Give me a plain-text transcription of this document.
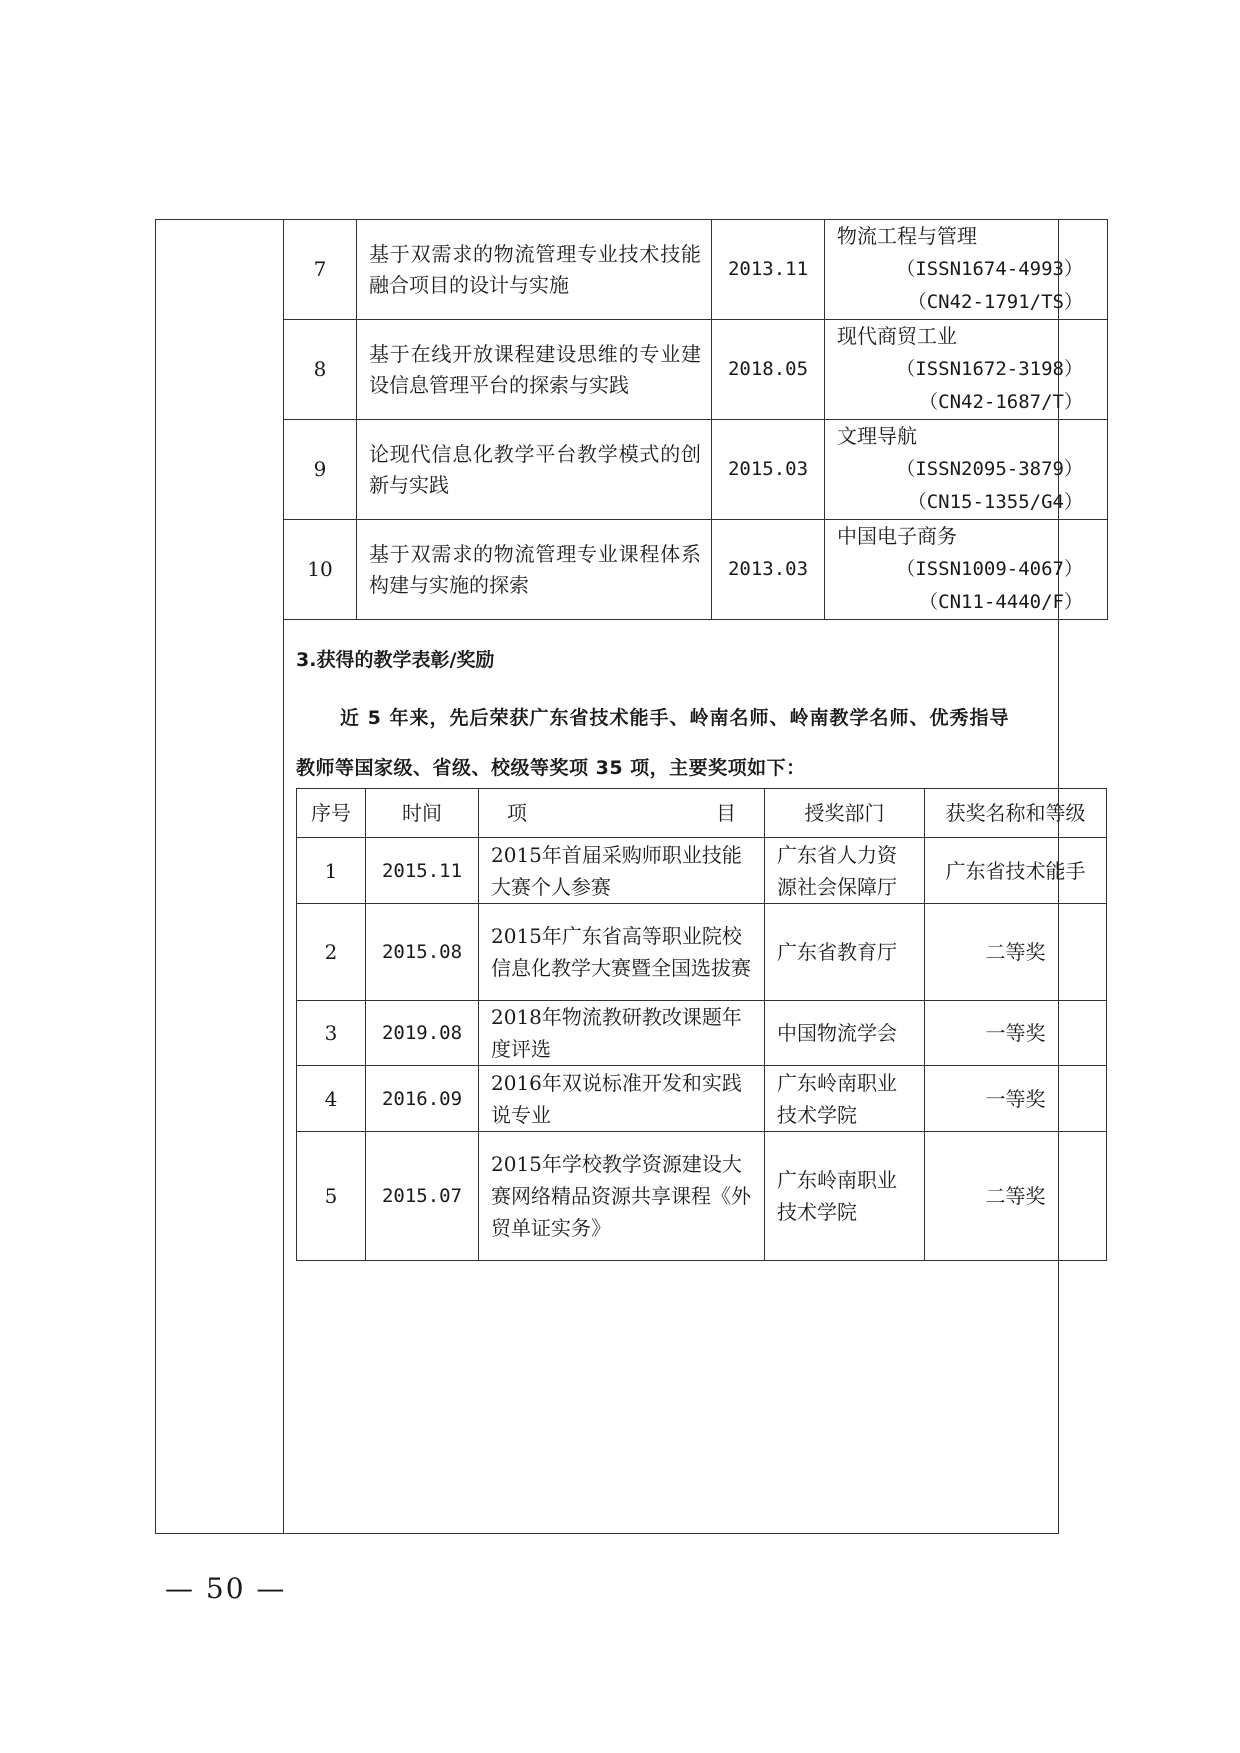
7	基于双需求的物流管理专业技术技能融合项目的设计与实施	2013.11	物流工程与管理
（ISSN1674-4993）
（CN42-1791/TS）

8	基于在线开放课程建设思维的专业建设信息管理平台的探索与实践	2018.05	现代商贸工业
（ISSN1672-3198）
（CN42-1687/T）

9	论现代信息化教学平台教学模式的创新与实践	2015.03	文理导航
（ISSN2095-3879）
（CN15-1355/G4）

10	基于双需求的物流管理专业课程体系构建与实施的探索	2013.03	中国电子商务
（ISSN1009-4067）
（CN11-4440/F）
3.获得的教学表彰/奖励
近 5 年来，先后荣获广东省技术能手、岭南名师、岭南教学名师、优秀指导
教师等国家级、省级、校级等奖项 35 项，主要奖项如下：
序号	时间	项目	授奖部门	获奖名称和等级
1	2015.11	2015年首届采购师职业技能大赛个人参赛	广东省人力资源社会保障厅	广东省技术能手
2	2015.08	2015年广东省高等职业院校信息化教学大赛暨全国选拔赛	广东省教育厅	二等奖
3	2019.08	2018年物流教研教改课题年度评选	中国物流学会	一等奖
4	2016.09	2016年双说标准开发和实践说专业	广东岭南职业技术学院	一等奖
5	2015.07	2015年学校教学资源建设大赛网络精品资源共享课程《外贸单证实务》	广东岭南职业技术学院	二等奖
— 50 —
